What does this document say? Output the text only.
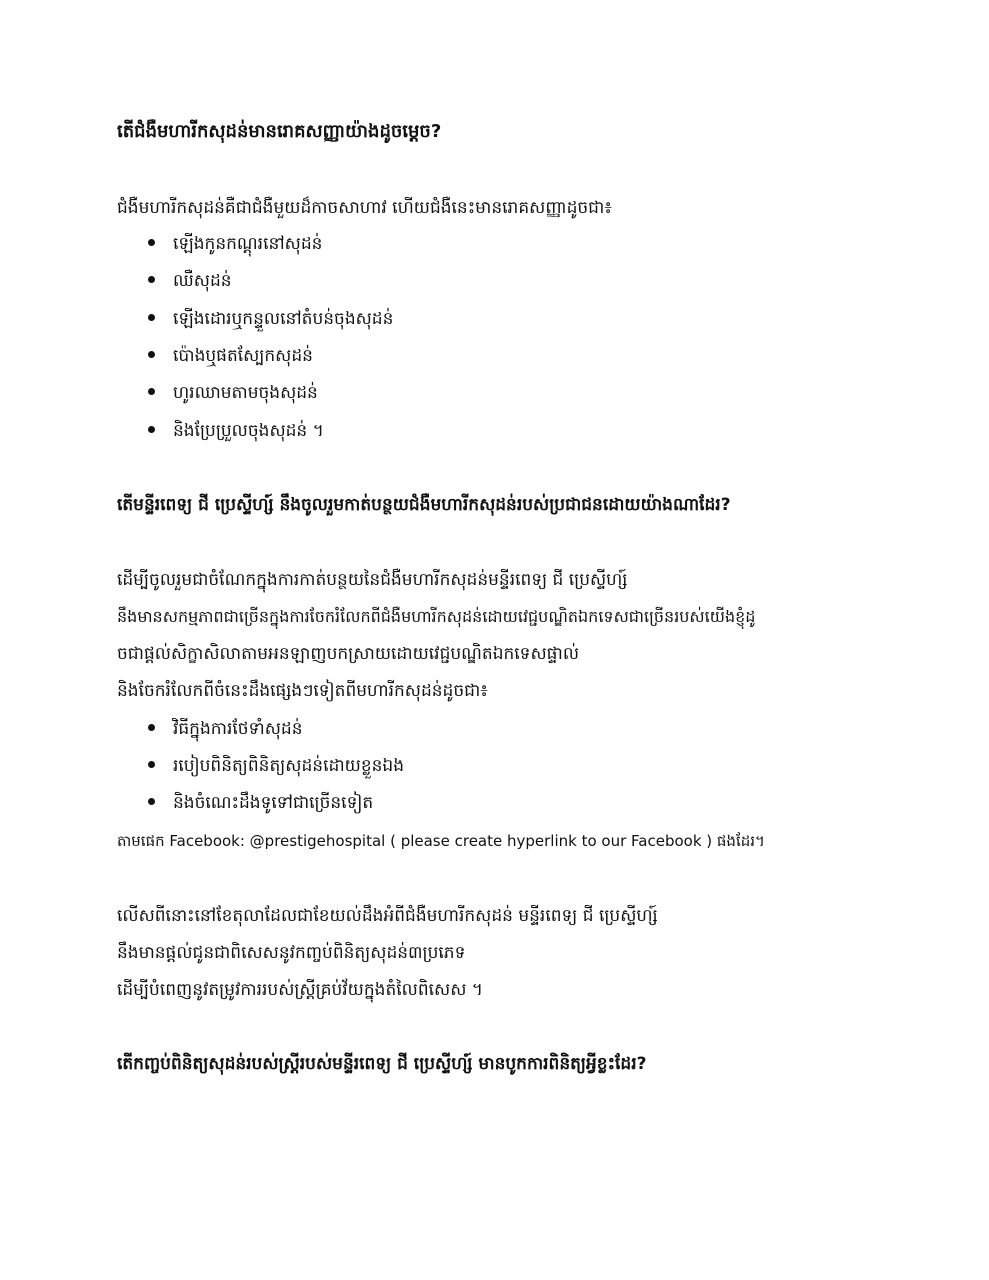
តើជំងឺមហារីកសុដន់មានរោគសញ្ញាយ៉ាងដូចម្ដេច?
ជំងឺមហារីកសុដន់គឺជាជំងឺមួយដ៏កាចសាហាវ ហើយជំងឺនេះមានរោគសញ្ញាដូចជា៖
ឡើងកូនកណ្ដុរនៅសុដន់
ឈឺសុដន់
ឡើងដោរឬកន្ទួលនៅតំបន់ចុងសុដន់
ប៉ោងឬផតស្បែកសុដន់
ហូរឈាមតាមចុងសុដន់
និងប្រែប្រួលចុងសុដន់ ។
តើមន្ទីរពេទ្យ ជី ប្រេស្ទីហ្ស៍ នឹងចូលរួមកាត់បន្ថយជំងឺមហារីកសុដន់របស់ប្រជាជនដោយយ៉ាងណាដែរ?
ដើម្បីចូលរួមជាចំណែកក្នុងការកាត់បន្ថយនៃជំងឺមហារីកសុដន់មន្ទីរពេទ្យ ជី ប្រេស្ទីហ្ស៍
នឹងមានសកម្មភាពជាច្រើនក្នុងការចែករំលែកពីជំងឺមហារីកសុដន់ដោយវេជ្ជបណ្ឌិតឯកទេសជាច្រើនរបស់យើងខ្ញុំដូ
ចជាផ្ដល់សិក្ខាសិលាតាមអនឡាញបកស្រាយដោយវេជ្ជបណ្ឌិតឯកទេសផ្ទាល់
និងចែករំលែកពីចំនេះដឹងផ្សេងៗទៀតពីមហារីកសុដន់ដូចជា៖
វិធីក្នុងការថែទាំសុដន់
របៀបពិនិត្យពិនិត្យសុដន់ដោយខ្លួនឯង
និងចំណេះដឹងទូទៅជាច្រើនទៀត
តាមផេក Facebook: @prestigehospital ( please create hyperlink to our Facebook ) ផងដែរ។
លើសពីនោះនៅខែតុលាដែលជាខែយល់ដឹងអំពីជំងឺមហារីកសុដន់ មន្ទីរពេទ្យ ជី ប្រេស្ទីហ្ស៍
នឹងមានផ្ដល់ជូនជាពិសេសនូវកញ្ចប់ពិនិត្យសុដន់៣ប្រភេទ
ដើម្បីបំពេញនូវតម្រូវការរបស់ស្ត្រីគ្រប់វ័យក្នុងតំលៃពិសេស ។
តើកញ្ចប់ពិនិត្យសុដន់របស់ស្ត្រីរបស់មន្ទីរពេទ្យ ជី ប្រេស្ទីហ្ស៍ មានបូកការពិនិត្យអ្វីខ្លះដែរ?
